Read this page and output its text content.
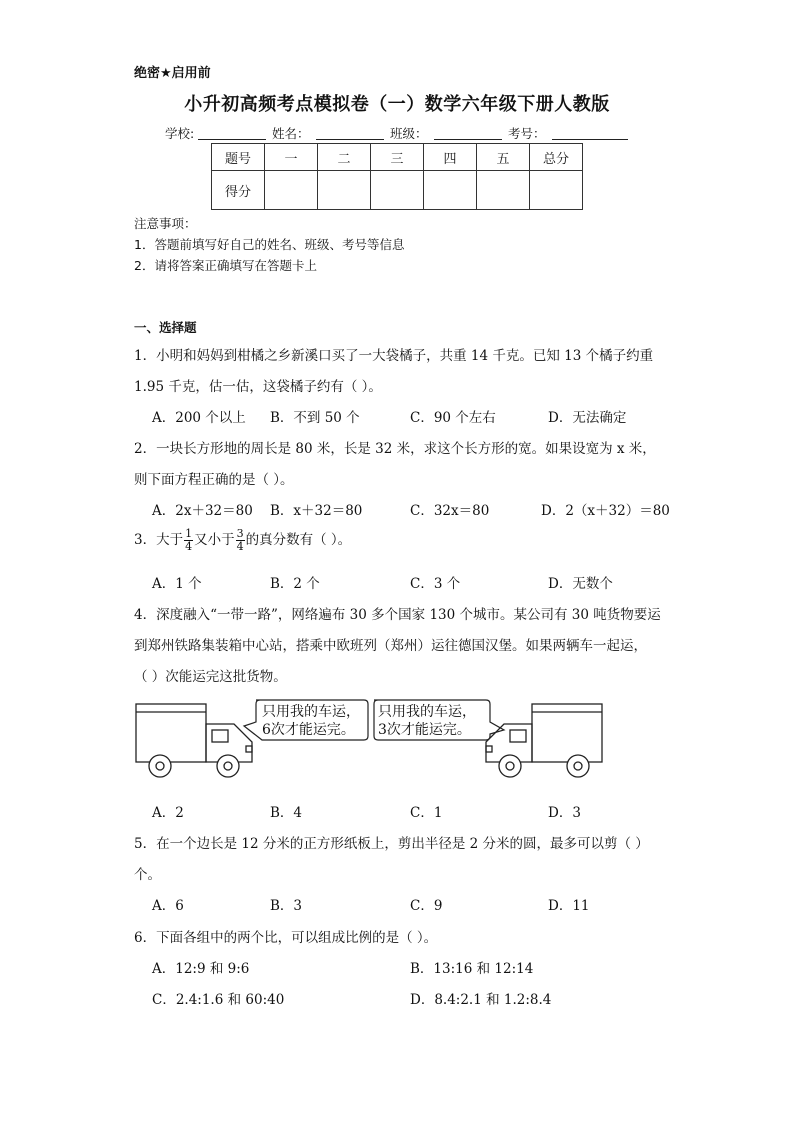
绝密★启用前
小升初高频考点模拟卷（一）数学六年级下册人教版
学校:	姓名：	班级：	考号：
题号	一	二	三	四	五	总分
得分						
注意事项：
1．答题前填写好自己的姓名、班级、考号等信息
2．请将答案正确填写在答题卡上
一、选择题
1．小明和妈妈到柑橘之乡新溪口买了一大袋橘子，共重 14 千克。已知 13 个橘子约重
1.95 千克，估一估，这袋橘子约有（ ）。
A．200 个以上 B．不到 50 个	C．90 个左右	D．无法确定
2．一块长方形地的周长是 80 米，长是 32 米，求这个长方形的宽。如果设宽为 x 米，
则下面方程正确的是（ ）。
A．2x＋32＝80 B．x＋32＝80	C．32x＝80	D．2（x＋32）＝80
3．大于 $\frac{1}{4}$ 又小于 $\frac{3}{4}$ 的真分数有（ ）。
A．1 个	B．2 个	C．3 个	D．无数个
4．深度融入“一带一路”，网络遍布 30 多个国家 130 个城市。某公司有 30 吨货物要运
到郑州铁路集装箱中心站，搭乘中欧班列（郑州）运往德国汉堡。如果两辆车一起运，
（ ）次能运完这批货物。
只用我的车运，
6次才能运完。
只用我的车运，
3次才能运完。
A．2	B．4	C．1	D．3
5．在一个边长是 12 分米的正方形纸板上，剪出半径是 2 分米的圆，最多可以剪（ ）
个。
A．6	B．3	C．9	D．11
6．下面各组中的两个比，可以组成比例的是（ ）。
A．12:9 和 9:6	B．13:16 和 12:14
C．2.4:1.6 和 60:40	D．8.4:2.1 和 1.2:8.4
